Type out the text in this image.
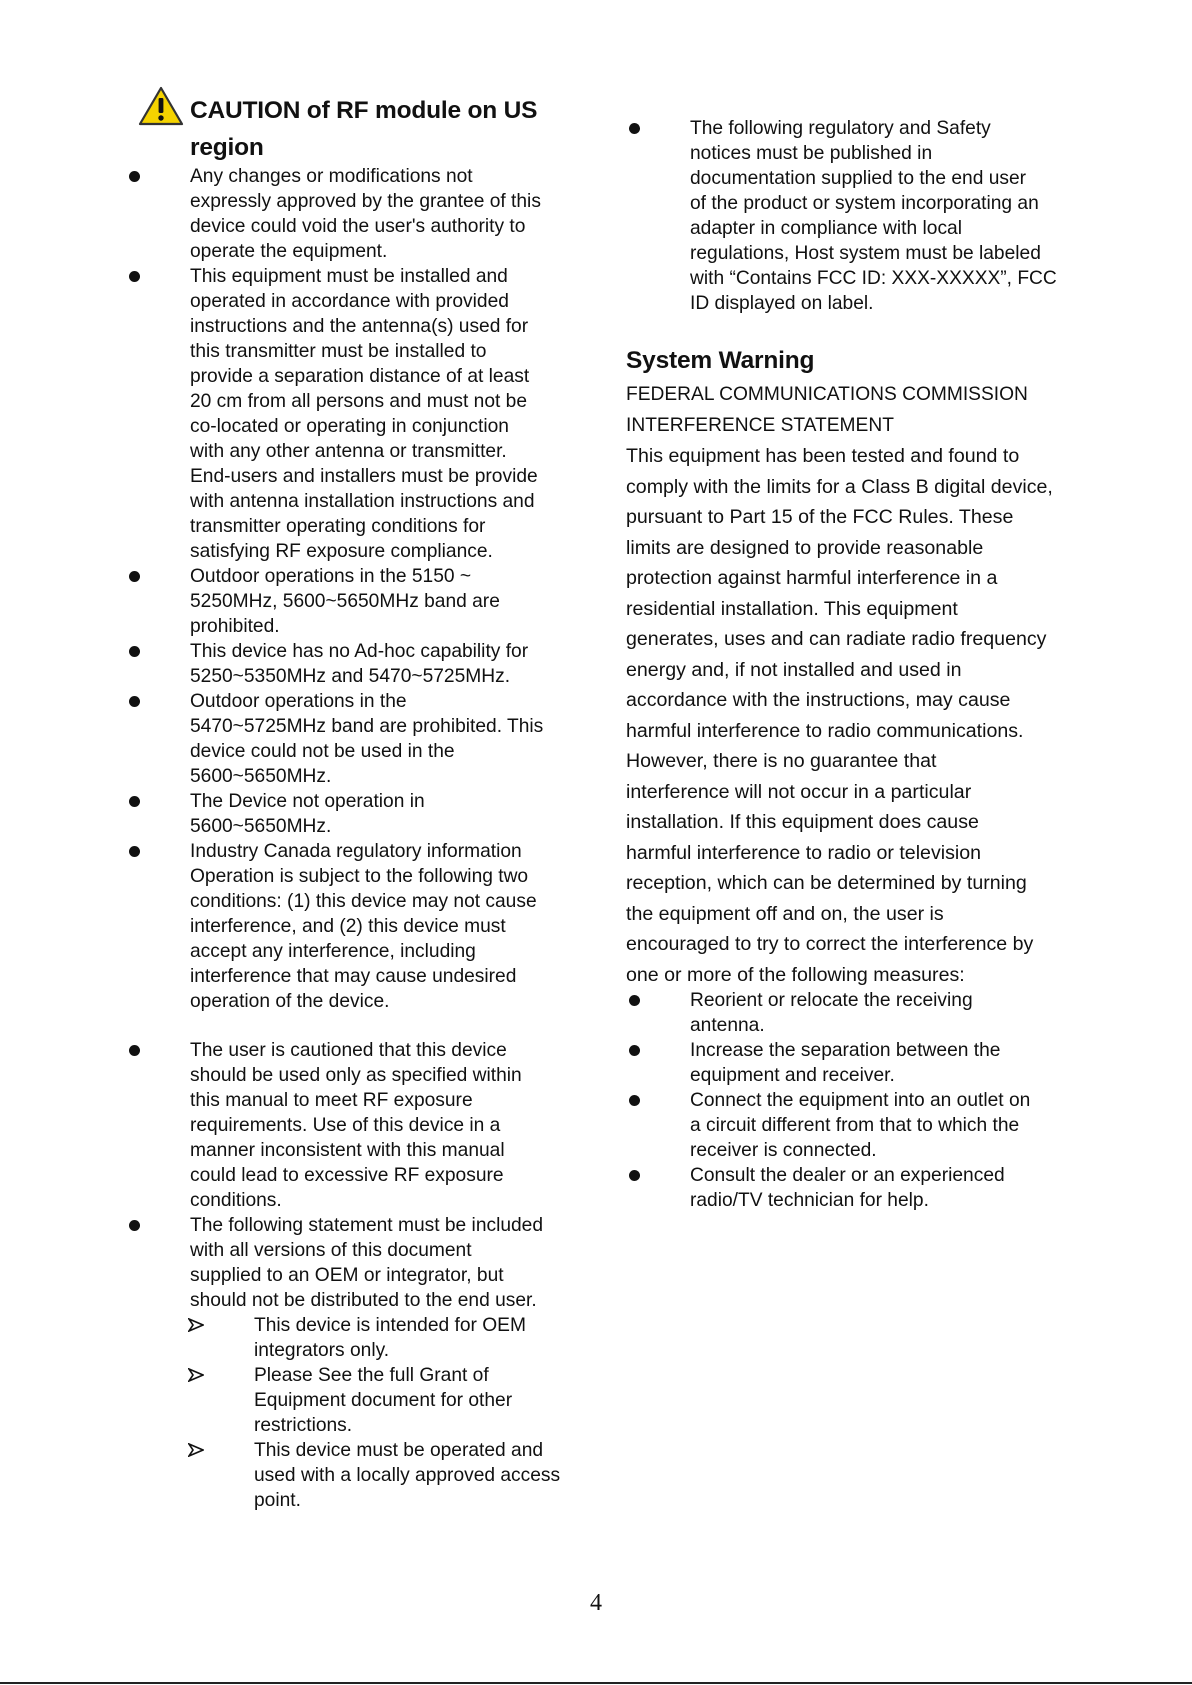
CAUTION of RF module on US
region
Any changes or modifications not
expressly approved by the grantee of this
device could void the user's authority to
operate the equipment.
This equipment must be installed and
operated in accordance with provided
instructions and the antenna(s) used for
this transmitter must be installed to
provide a separation distance of at least
20 cm from all persons and must not be
co-located or operating in conjunction
with any other antenna or transmitter.
End-users and installers must be provide
with antenna installation instructions and
transmitter operating conditions for
satisfying RF exposure compliance.
Outdoor operations in the 5150 ~
5250MHz, 5600~5650MHz band are
prohibited.
This device has no Ad-hoc capability for
5250~5350MHz and 5470~5725MHz.
Outdoor operations in the
5470~5725MHz band are prohibited. This
device could not be used in the
5600~5650MHz.
The Device not operation in
5600~5650MHz.
Industry Canada regulatory information
Operation is subject to the following two
conditions: (1) this device may not cause
interference, and (2) this device must
accept any interference, including
interference that may cause undesired
operation of the device.
The user is cautioned that this device
should be used only as specified within
this manual to meet RF exposure
requirements. Use of this device in a
manner inconsistent with this manual
could lead to excessive RF exposure
conditions.
The following statement must be included
with all versions of this document
supplied to an OEM or integrator, but
should not be distributed to the end user.
This device is intended for OEM
integrators only.
Please See the full Grant of
Equipment document for other
restrictions.
This device must be operated and
used with a locally approved access
point.
The following regulatory and Safety
notices must be published in
documentation supplied to the end user
of the product or system incorporating an
adapter in compliance with local
regulations, Host system must be labeled
with “Contains FCC ID: XXX-XXXXX”, FCC
ID displayed on label.
System Warning
FEDERAL COMMUNICATIONS COMMISSION
INTERFERENCE STATEMENT
This equipment has been tested and found to
comply with the limits for a Class B digital device,
pursuant to Part 15 of the FCC Rules. These
limits are designed to provide reasonable
protection against harmful interference in a
residential installation. This equipment
generates, uses and can radiate radio frequency
energy and, if not installed and used in
accordance with the instructions, may cause
harmful interference to radio communications.
However, there is no guarantee that
interference will not occur in a particular
installation. If this equipment does cause
harmful interference to radio or television
reception, which can be determined by turning
the equipment off and on, the user is
encouraged to try to correct the interference by
one or more of the following measures:
Reorient or relocate the receiving
antenna.
Increase the separation between the
equipment and receiver.
Connect the equipment into an outlet on
a circuit different from that to which the
receiver is connected.
Consult the dealer or an experienced
radio/TV technician for help.
4
